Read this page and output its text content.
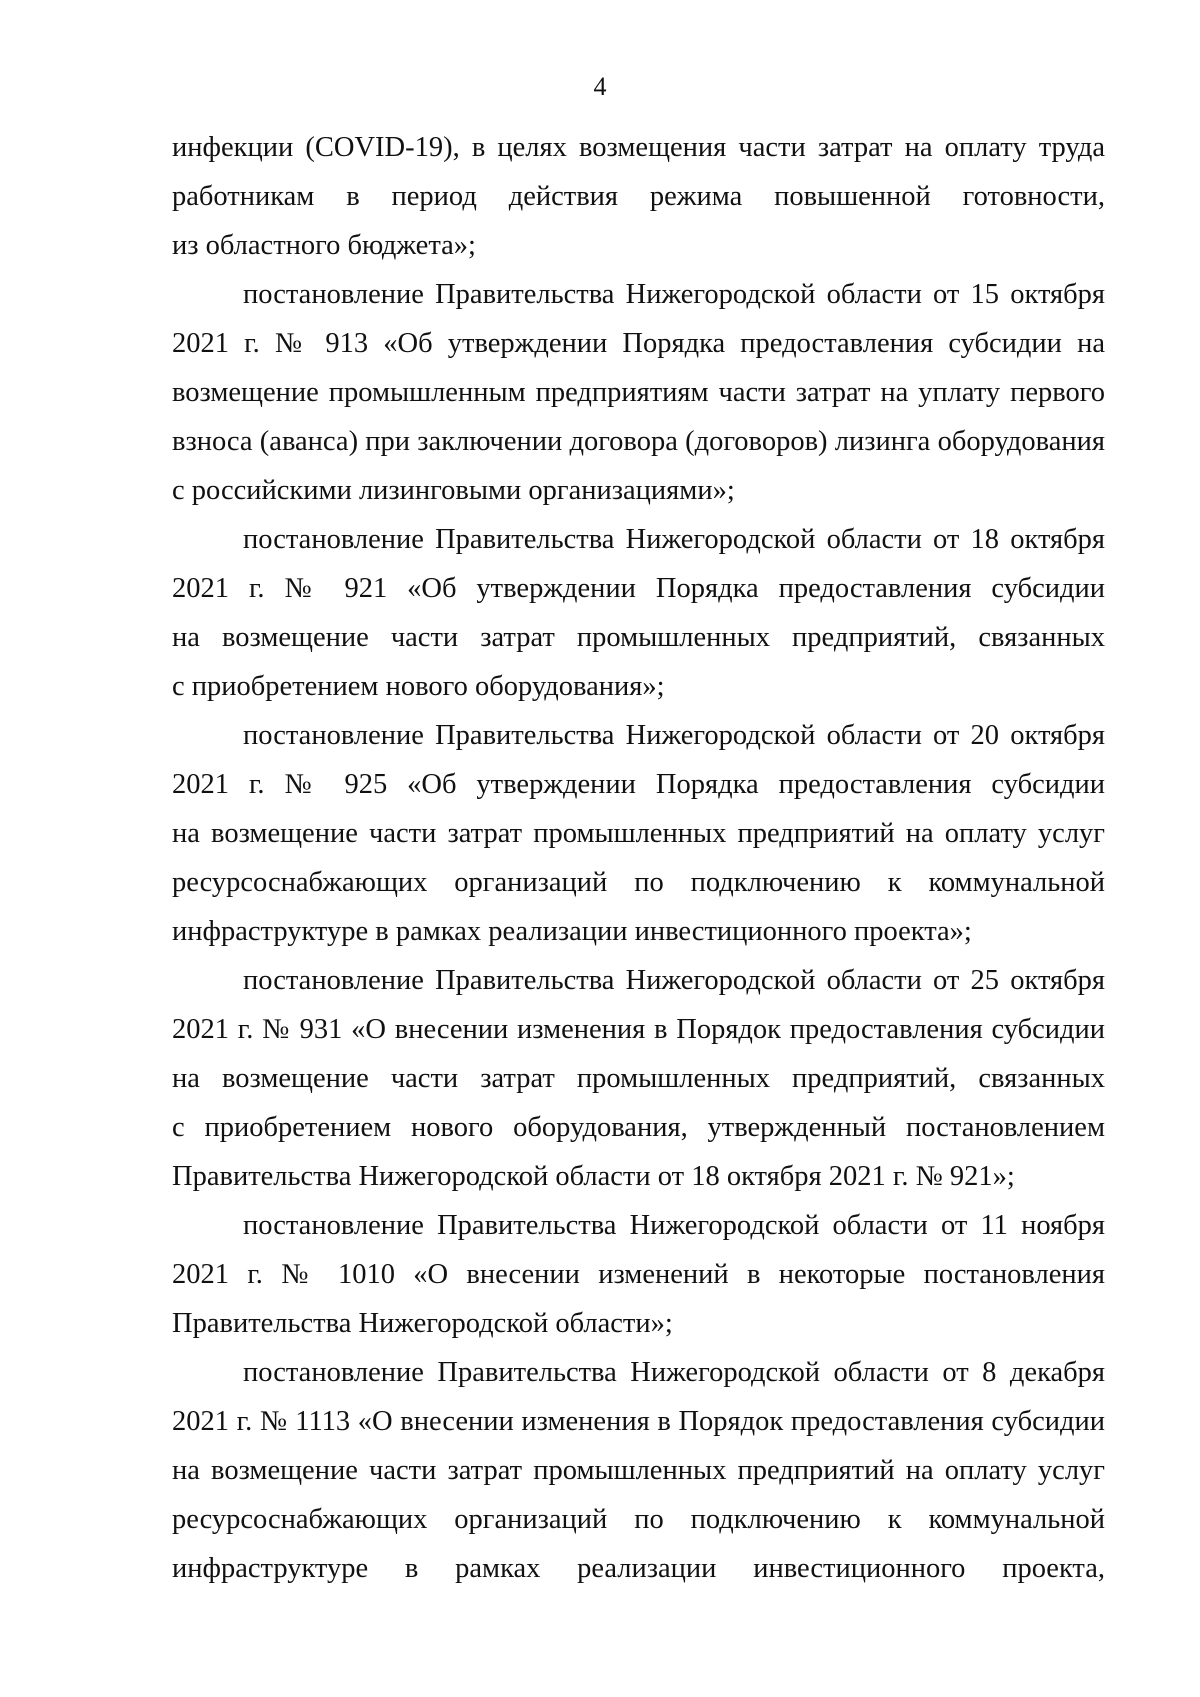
4
инфекции (COVID-19), в целях возмещения части затрат на оплату труда
работникам в период действия режима повышенной готовности,
из областного бюджета»;
постановление Правительства Нижегородской области от 15 октября
2021 г. № 913 «Об утверждении Порядка предоставления субсидии на
возмещение промышленным предприятиям части затрат на уплату первого
взноса (аванса) при заключении договора (договоров) лизинга оборудования
с российскими лизинговыми организациями»;
постановление Правительства Нижегородской области от 18 октября
2021 г. № 921 «Об утверждении Порядка предоставления субсидии
на возмещение части затрат промышленных предприятий, связанных
с приобретением нового оборудования»;
постановление Правительства Нижегородской области от 20 октября
2021 г. № 925 «Об утверждении Порядка предоставления субсидии
на возмещение части затрат промышленных предприятий на оплату услуг
ресурсоснабжающих организаций по подключению к коммунальной
инфраструктуре в рамках реализации инвестиционного проекта»;
постановление Правительства Нижегородской области от 25 октября
2021 г. № 931 «О внесении изменения в Порядок предоставления субсидии
на возмещение части затрат промышленных предприятий, связанных
с приобретением нового оборудования, утвержденный постановлением
Правительства Нижегородской области от 18 октября 2021 г. № 921»;
постановление Правительства Нижегородской области от 11 ноября
2021 г. № 1010 «О внесении изменений в некоторые постановления
Правительства Нижегородской области»;
постановление Правительства Нижегородской области от 8 декабря
2021 г. № 1113 «О внесении изменения в Порядок предоставления субсидии
на возмещение части затрат промышленных предприятий на оплату услуг
ресурсоснабжающих организаций по подключению к коммунальной
инфраструктуре в рамках реализации инвестиционного проекта,
